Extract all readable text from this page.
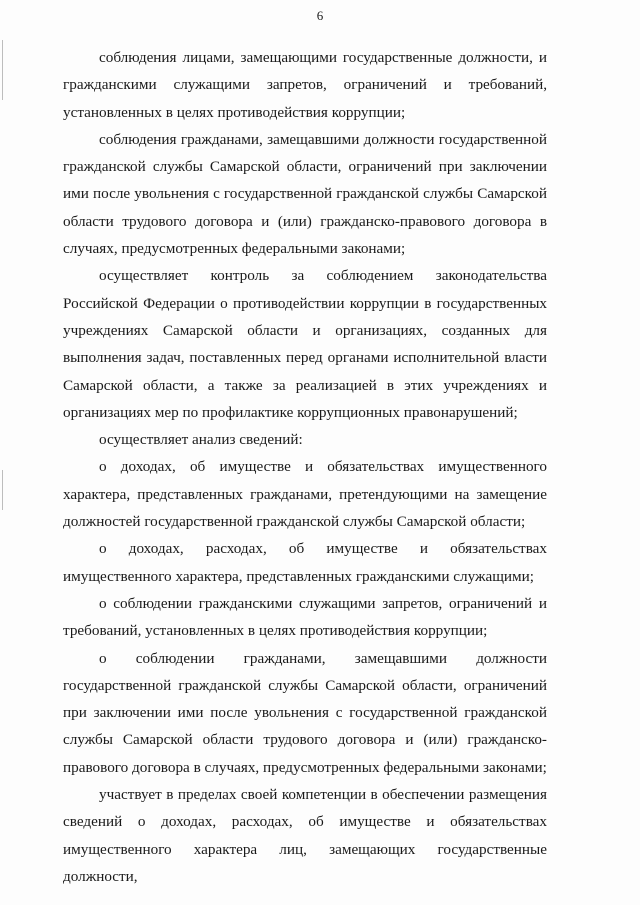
6

соблюдения лицами, замещающими государственные должности, и гражданскими служащими запретов, ограничений и требований, установленных в целях противодействия коррупции;

соблюдения гражданами, замещавшими должности государственной гражданской службы Самарской области, ограничений при заключении ими после увольнения с государственной гражданской службы Самарской области трудового договора и (или) гражданско-правового договора в случаях, предусмотренных федеральными законами;

осуществляет контроль за соблюдением законодательства Российской Федерации о противодействии коррупции в государственных учреждениях Самарской области и организациях, созданных для выполнения задач, поставленных перед органами исполнительной власти Самарской области, а также за реализацией в этих учреждениях и организациях мер по профилактике коррупционных правонарушений;

осуществляет анализ сведений:

о доходах, об имуществе и обязательствах имущественного характера, представленных гражданами, претендующими на замещение должностей государственной гражданской службы Самарской области;

о доходах, расходах, об имуществе и обязательствах имущественного характера, представленных гражданскими служащими;

о соблюдении гражданскими служащими запретов, ограничений и требований, установленных в целях противодействия коррупции;

о соблюдении гражданами, замещавшими должности государственной гражданской службы Самарской области, ограничений при заключении ими после увольнения с государственной гражданской службы Самарской области трудового договора и (или) гражданско-правового договора в случаях, предусмотренных федеральными законами;

участвует в пределах своей компетенции в обеспечении размещения сведений о доходах, расходах, об имуществе и обязательствах имущественного характера лиц, замещающих государственные должности,
